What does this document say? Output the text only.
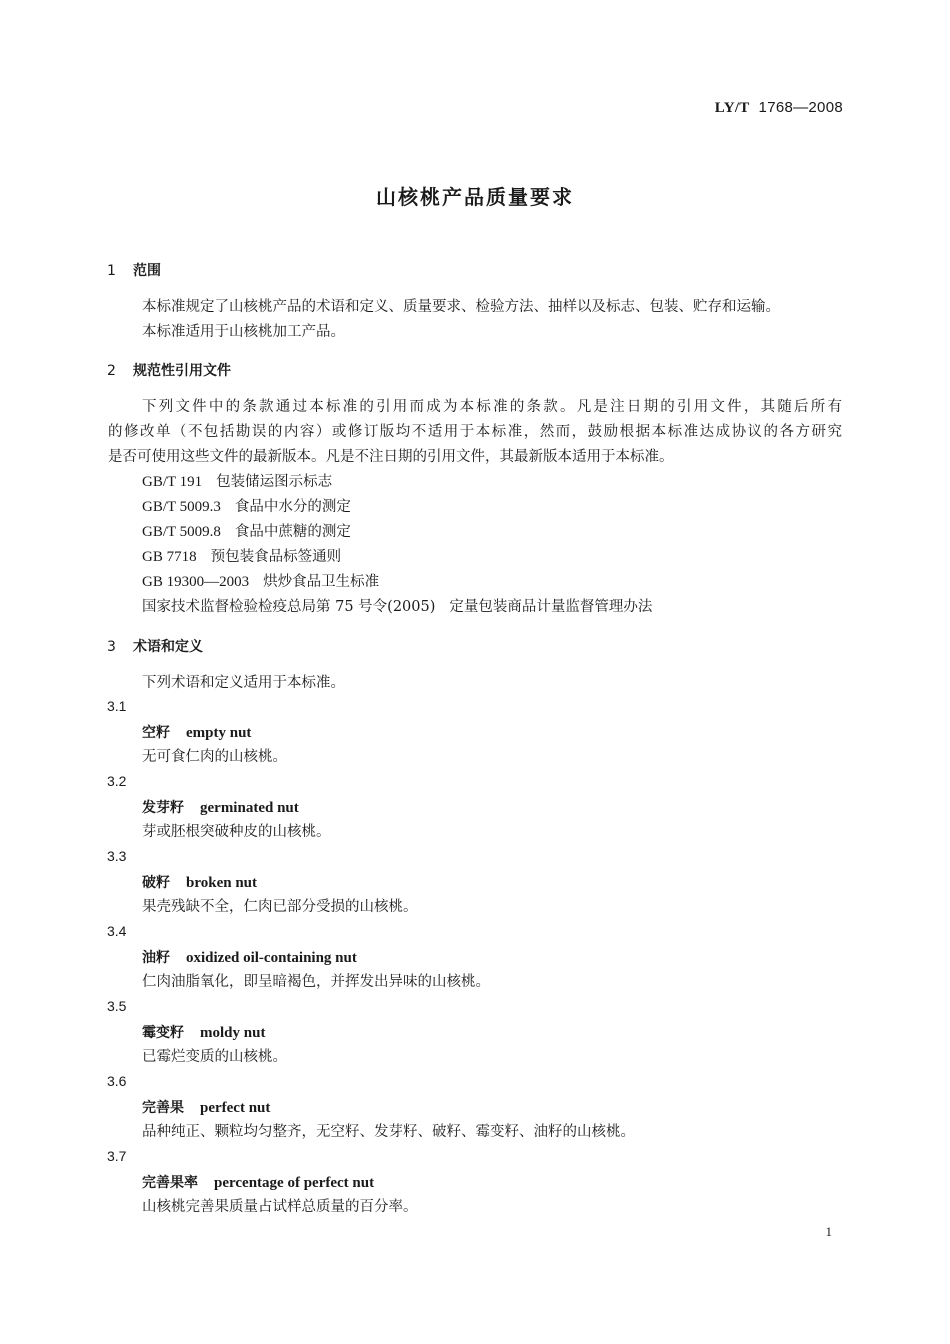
LY/T 1768—2008
山核桃产品质量要求
1 范围
本标准规定了山核桃产品的术语和定义、质量要求、检验方法、抽样以及标志、包装、贮存和运输。
本标准适用于山核桃加工产品。
2 规范性引用文件
下列文件中的条款通过本标准的引用而成为本标准的条款。凡是注日期的引用文件，其随后所有
的修改单（不包括勘误的内容）或修订版均不适用于本标准，然而，鼓励根据本标准达成协议的各方研究
是否可使用这些文件的最新版本。凡是不注日期的引用文件，其最新版本适用于本标准。
GB/T 191 包装储运图示标志
GB/T 5009.3 食品中水分的测定
GB/T 5009.8 食品中蔗糖的测定
GB 7718 预包装食品标签通则
GB 19300—2003 烘炒食品卫生标准
国家技术监督检验检疫总局第 75 号令(2005) 定量包装商品计量监督管理办法
3 术语和定义
下列术语和定义适用于本标准。
3.1
空籽 empty nut
无可食仁肉的山核桃。
3.2
发芽籽 germinated nut
芽或胚根突破种皮的山核桃。
3.3
破籽 broken nut
果壳残缺不全，仁肉已部分受损的山核桃。
3.4
油籽 oxidized oil-containing nut
仁肉油脂氧化，即呈暗褐色，并挥发出异味的山核桃。
3.5
霉变籽 moldy nut
已霉烂变质的山核桃。
3.6
完善果 perfect nut
品种纯正、颗粒均匀整齐，无空籽、发芽籽、破籽、霉变籽、油籽的山核桃。
3.7
完善果率 percentage of perfect nut
山核桃完善果质量占试样总质量的百分率。
1
